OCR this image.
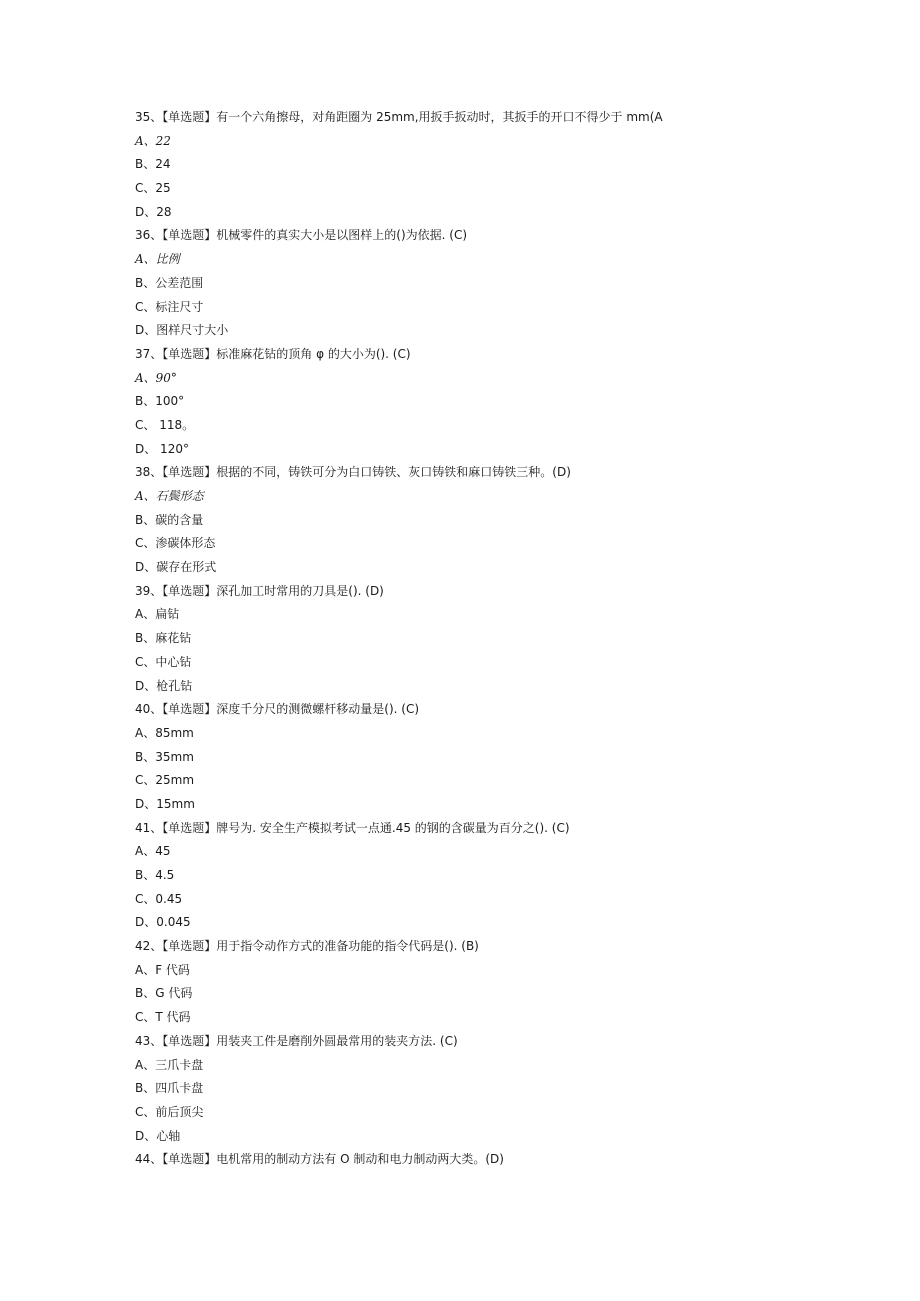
35、【单选题】有一个六角擦母，对角距圈为 25mm,用扳手扳动时，其扳手的开口不得少于 mm(A
A、22
B、24
C、25
D、28
36、【单选题】机械零件的真实大小是以图样上的()为依据. (C)
A、比例
B、公差范围
C、标注尺寸
D、图样尺寸大小
37、【单选题】标准麻花钻的顶角 φ 的大小为(). (C)
A、90°
B、100°
C、 118。
D、 120°
38、【单选题】根据的不同，铸铁可分为白口铸铁、灰口铸铁和麻口铸铁三种。(D)
A、石鬓形态
B、碳的含量
C、渗碳体形态
D、碳存在形式
39、【单选题】深孔加工时常用的刀具是(). (D)
A、扁钻
B、麻花钻
C、中心钻
D、枪孔钻
40、【单选题】深度千分尺的测微螺杆移动量是(). (C)
A、85mm
B、35mm
C、25mm
D、15mm
41、【单选题】牌号为. 安全生产模拟考试一点通.45 的钢的含碳量为百分之(). (C)
A、45
B、4.5
C、0.45
D、0.045
42、【单选题】用于指令动作方式的准备功能的指令代码是(). (B)
A、F 代码
B、G 代码
C、T 代码
43、【单选题】用装夹工件是磨削外圆最常用的装夹方法. (C)
A、三爪卡盘
B、四爪卡盘
C、前后顶尖
D、心轴
44、【单选题】电机常用的制动方法有 O 制动和电力制动两大类。(D)
